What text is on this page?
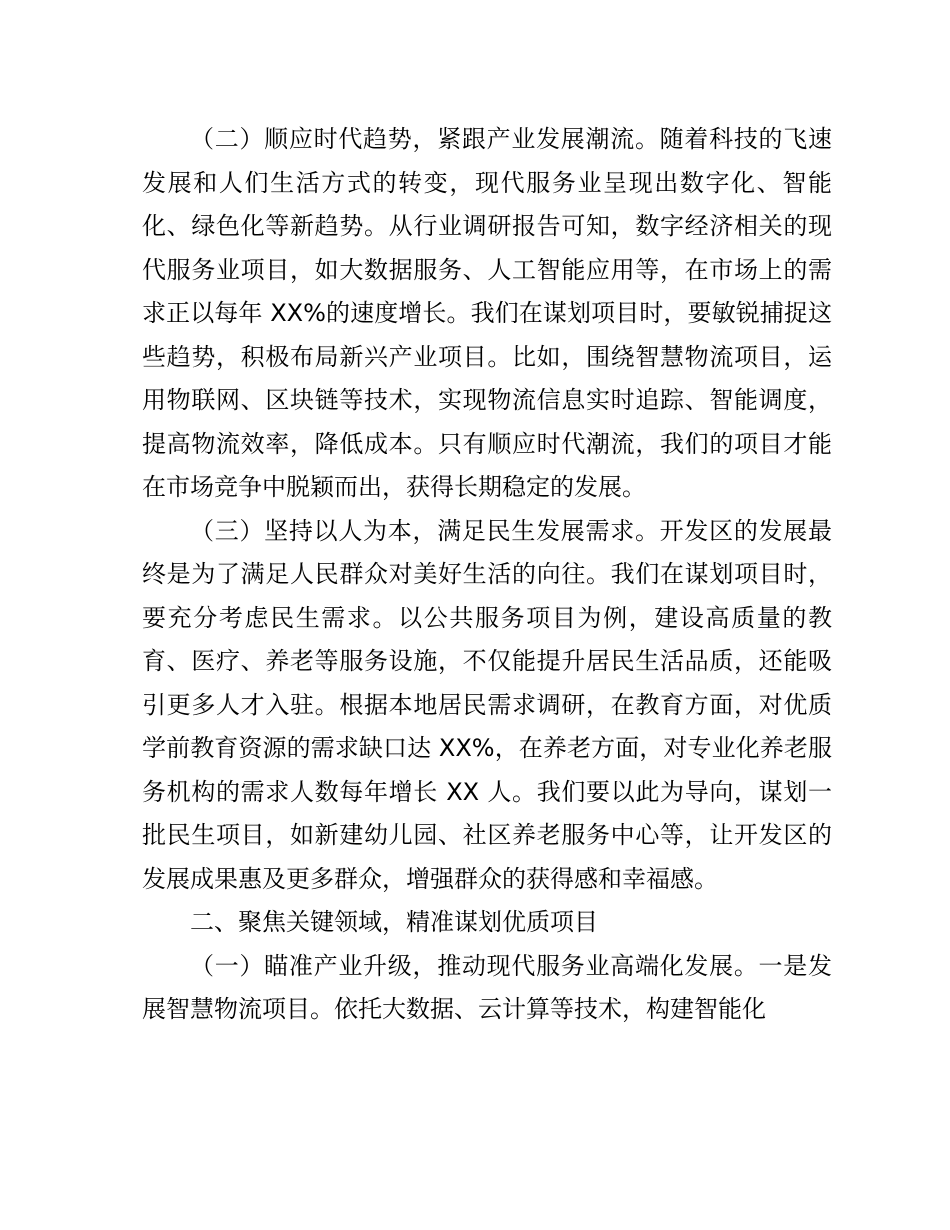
（二）顺应时代趋势，紧跟产业发展潮流。随着科技的飞速发展和人们生活方式的转变，现代服务业呈现出数字化、智能化、绿色化等新趋势。从行业调研报告可知，数字经济相关的现代服务业项目，如大数据服务、人工智能应用等，在市场上的需求正以每年 XX%的速度增长。我们在谋划项目时，要敏锐捕捉这些趋势，积极布局新兴产业项目。比如，围绕智慧物流项目，运用物联网、区块链等技术，实现物流信息实时追踪、智能调度，提高物流效率，降低成本。只有顺应时代潮流，我们的项目才能在市场竞争中脱颖而出，获得长期稳定的发展。

（三）坚持以人为本，满足民生发展需求。开发区的发展最终是为了满足人民群众对美好生活的向往。我们在谋划项目时，要充分考虑民生需求。以公共服务项目为例，建设高质量的教育、医疗、养老等服务设施，不仅能提升居民生活品质，还能吸引更多人才入驻。根据本地居民需求调研，在教育方面，对优质学前教育资源的需求缺口达 XX%，在养老方面，对专业化养老服务机构的需求人数每年增长 XX 人。我们要以此为导向，谋划一批民生项目，如新建幼儿园、社区养老服务中心等，让开发区的发展成果惠及更多群众，增强群众的获得感和幸福感。

二、聚焦关键领域，精准谋划优质项目

（一）瞄准产业升级，推动现代服务业高端化发展。一是发展智慧物流项目。依托大数据、云计算等技术，构建智能化
